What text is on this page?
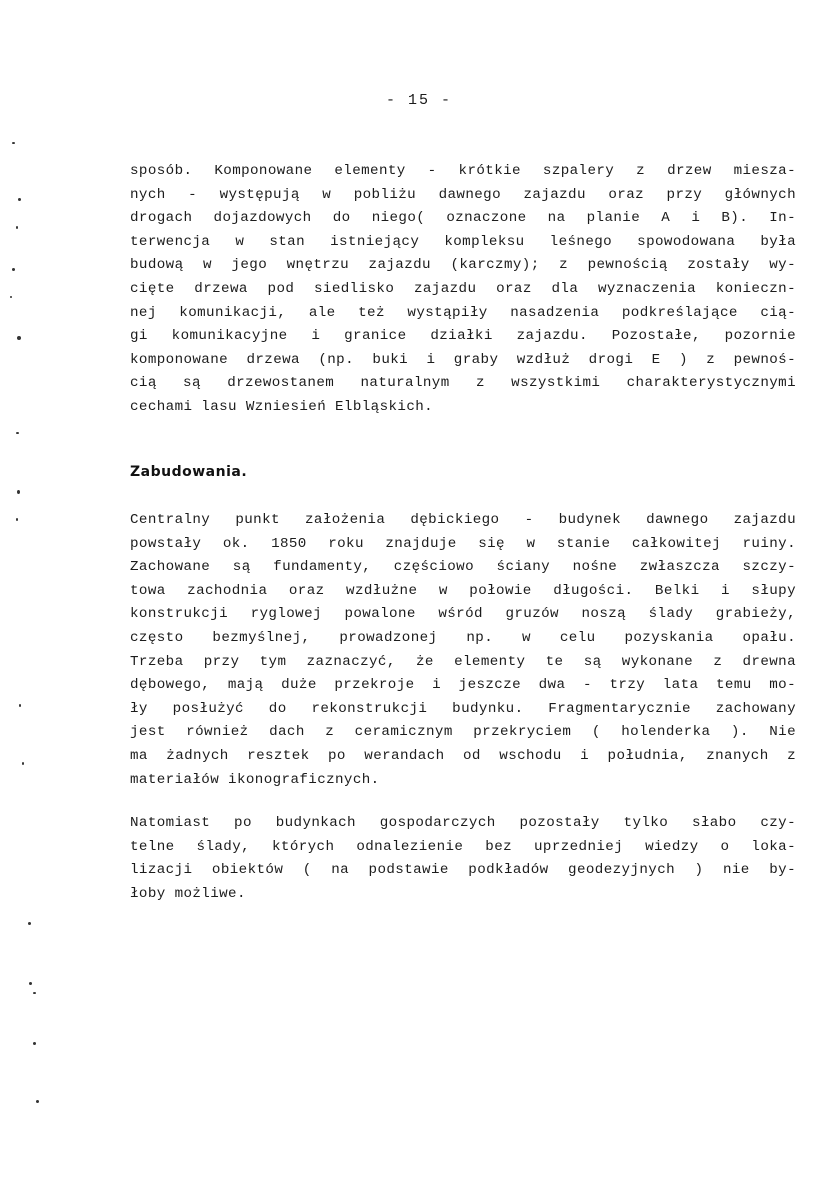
- 15 -
sposób. Komponowane elementy - krótkie szpalery z drzew miesza-
nych - występują w pobliżu dawnego zajazdu oraz przy głównych
drogach dojazdowych do niego( oznaczone na planie A i B). In-
terwencja w stan istniejący kompleksu leśnego spowodowana była
budową w jego wnętrzu zajazdu (karczmy); z pewnością zostały wy-
cięte drzewa pod siedlisko zajazdu oraz dla wyznaczenia konieczn-
nej komunikacji, ale też wystąpiły nasadzenia podkreślające cią-
gi komunikacyjne i granice działki zajazdu. Pozostałe, pozornie
komponowane drzewa (np. buki i graby wzdłuż drogi E ) z pewnoś-
cią są drzewostanem naturalnym z wszystkimi charakterystycznymi
cechami lasu Wzniesień Elbląskich.
Zabudowania.
Centralny punkt założenia dębickiego - budynek dawnego zajazdu
powstały ok. 1850 roku znajduje się w stanie całkowitej ruiny.
Zachowane są fundamenty, częściowo ściany nośne zwłaszcza szczy-
towa zachodnia oraz wzdłużne w połowie długości. Belki i słupy
konstrukcji ryglowej powalone wśród gruzów noszą ślady grabieży,
często bezmyślnej, prowadzonej np. w celu pozyskania opału.
Trzeba przy tym zaznaczyć, że elementy te są wykonane z drewna
dębowego, mają duże przekroje i jeszcze dwa - trzy lata temu mo-
ły posłużyć do rekonstrukcji budynku. Fragmentarycznie zachowany
jest również dach z ceramicznym przekryciem ( holenderka ). Nie
ma żadnych resztek po werandach od wschodu i południa, znanych z
materiałów ikonograficznych.
Natomiast po budynkach gospodarczych pozostały tylko słabo czy-
telne ślady, których odnalezienie bez uprzedniej wiedzy o loka-
lizacji obiektów ( na podstawie podkładów geodezyjnych ) nie by-
łoby możliwe.
